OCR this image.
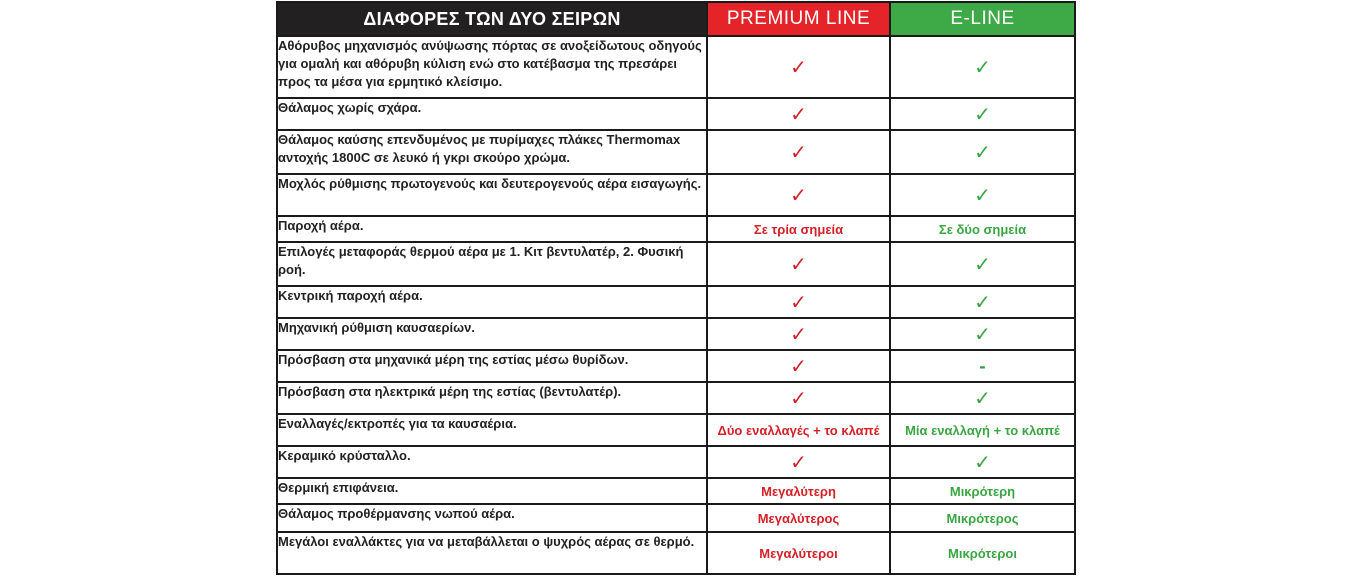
ΔΙΑΦΟΡΕΣ ΤΩΝ ΔΥΟ ΣΕΙΡΩΝ	PREMIUM LINE	E-LINE
Αθόρυβος μηχανισμός ανύψωσης πόρτας σε ανοξείδωτους οδηγούς για ομαλή και αθόρυβη κύλιση ενώ στο κατέβασμα της πρεσάρει προς τα μέσα για ερμητικό κλείσιμο.	✓	✓
Θάλαμος χωρίς σχάρα.	✓	✓
Θάλαμος καύσης επενδυμένος με πυρίμαχες πλάκες Thermomax αντοχής 1800C σε λευκό ή γκρι σκούρο χρώμα.	✓	✓
Μοχλός ρύθμισης πρωτογενούς και δευτερογενούς αέρα εισαγωγής.	✓	✓
Παροχή αέρα.	Σε τρία σημεία	Σε δύο σημεία
Επιλογές μεταφοράς θερμού αέρα με 1. Κιτ βεντυλατέρ, 2. Φυσική ροή.	✓	✓
Κεντρική παροχή αέρα.	✓	✓
Μηχανική ρύθμιση καυσαερίων.	✓	✓
Πρόσβαση στα μηχανικά μέρη της εστίας μέσω θυρίδων.	✓	-
Πρόσβαση στα ηλεκτρικά μέρη της εστίας (βεντυλατέρ).	✓	✓
Εναλλαγές/εκτροπές για τα καυσαέρια.	Δύο εναλλαγές + το κλαπέ	Μία εναλλαγή + το κλαπέ
Κεραμικό κρύσταλλο.	✓	✓
Θερμική επιφάνεια.	Μεγαλύτερη	Μικρότερη
Θάλαμος προθέρμανσης νωπού αέρα.	Μεγαλύτερος	Μικρότερος
Μεγάλοι εναλλάκτες για να μεταβάλλεται ο ψυχρός αέρας σε θερμό.	Μεγαλύτεροι	Μικρότεροι
